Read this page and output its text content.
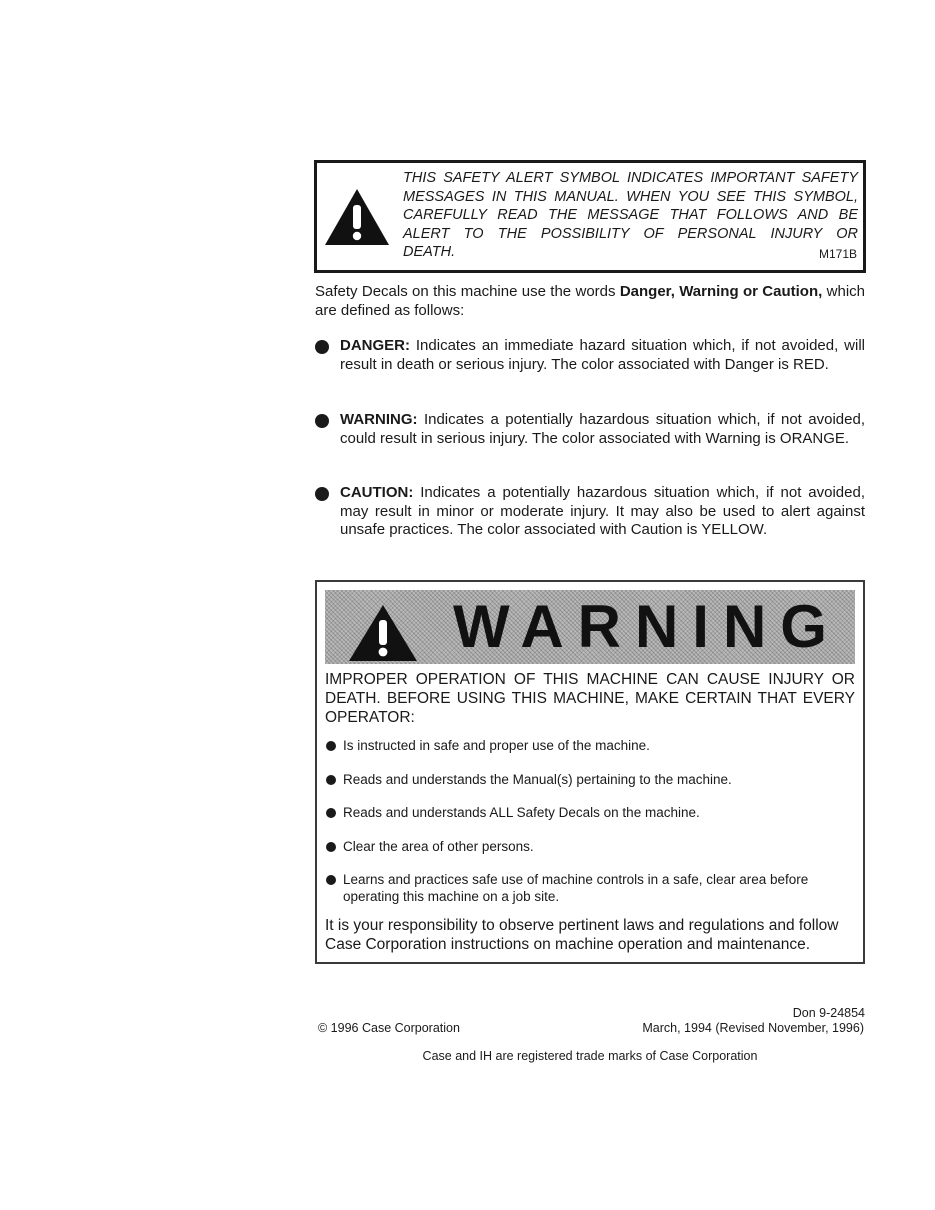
THIS SAFETY ALERT SYMBOL INDICATES IMPORTANT SAFETY
MESSAGES IN THIS MANUAL. WHEN YOU SEE THIS SYMBOL,
CAREFULLY READ THE MESSAGE THAT FOLLOWS AND BE
ALERT TO THE POSSIBILITY OF PERSONAL INJURY OR
DEATH.	M171B
Safety Decals on this machine use the words Danger, Warning or Caution, which are defined as follows:
DANGER: Indicates an immediate hazard situation which, if not avoided, will result in death or serious injury. The color associated with Danger is RED.
WARNING: Indicates a potentially hazardous situation which, if not avoided, could result in serious injury. The color associated with Warning is ORANGE.
CAUTION: Indicates a potentially hazardous situation which, if not avoided, may result in minor or moderate injury. It may also be used to alert against unsafe practices. The color associated with Caution is YELLOW.
WARNING
IMPROPER OPERATION OF THIS MACHINE CAN CAUSE INJURY OR DEATH. BEFORE USING THIS MACHINE, MAKE CERTAIN THAT EVERY OPERATOR:
Is instructed in safe and proper use of the machine.
Reads and understands the Manual(s) pertaining to the machine.
Reads and understands ALL Safety Decals on the machine.
Clear the area of other persons.
Learns and practices safe use of machine controls in a safe, clear area before operating this machine on a job site.
It is your responsibility to observe pertinent laws and regulations and follow Case Corporation instructions on machine operation and maintenance.
Don 9-24854
© 1996 Case Corporation	March, 1994 (Revised November, 1996)
Case and IH are registered trade marks of Case Corporation
